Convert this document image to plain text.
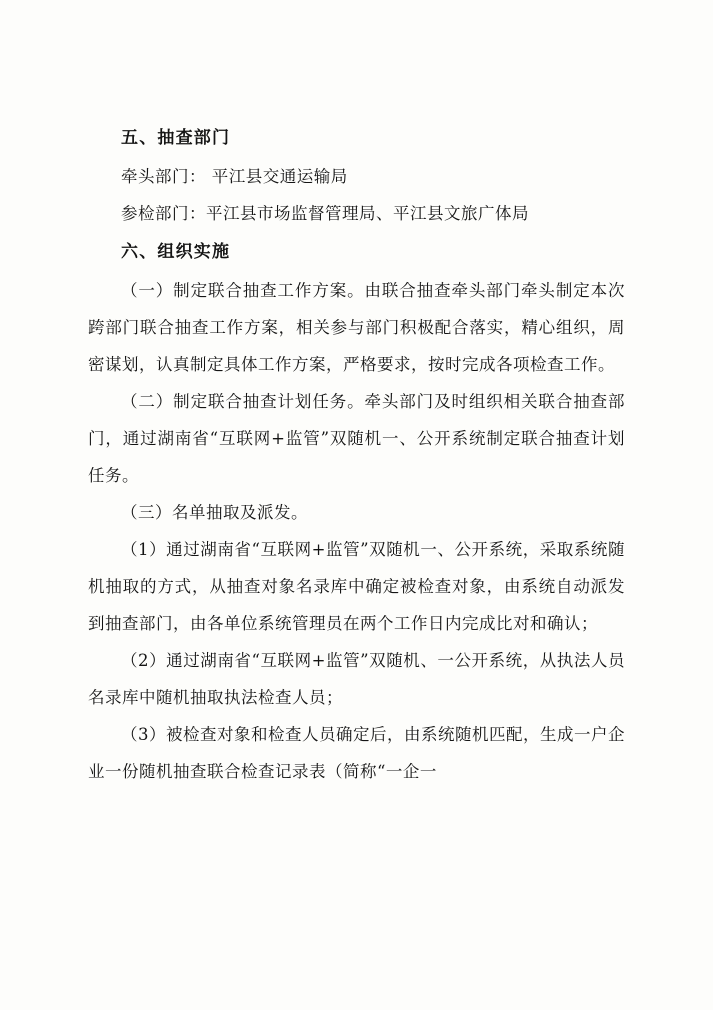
五、抽查部门

牵头部门： 平江县交通运输局

参检部门：平江县市场监督管理局、平江县文旅广体局

六、组织实施

（一）制定联合抽查工作方案。由联合抽查牵头部门牵头制定本次跨部门联合抽查工作方案，相关参与部门积极配合落实，精心组织，周密谋划，认真制定具体工作方案，严格要求，按时完成各项检查工作。

（二）制定联合抽查计划任务。牵头部门及时组织相关联合抽查部门，通过湖南省“互联网+监管”双随机一、公开系统制定联合抽查计划任务。

（三）名单抽取及派发。

（1）通过湖南省“互联网+监管”双随机一、公开系统，采取系统随机抽取的方式，从抽查对象名录库中确定被检查对象，由系统自动派发到抽查部门，由各单位系统管理员在两个工作日内完成比对和确认；

（2）通过湖南省“互联网+监管”双随机、一公开系统，从执法人员名录库中随机抽取执法检查人员；

（3）被检查对象和检查人员确定后，由系统随机匹配，生成一户企业一份随机抽查联合检查记录表（简称“一企一
